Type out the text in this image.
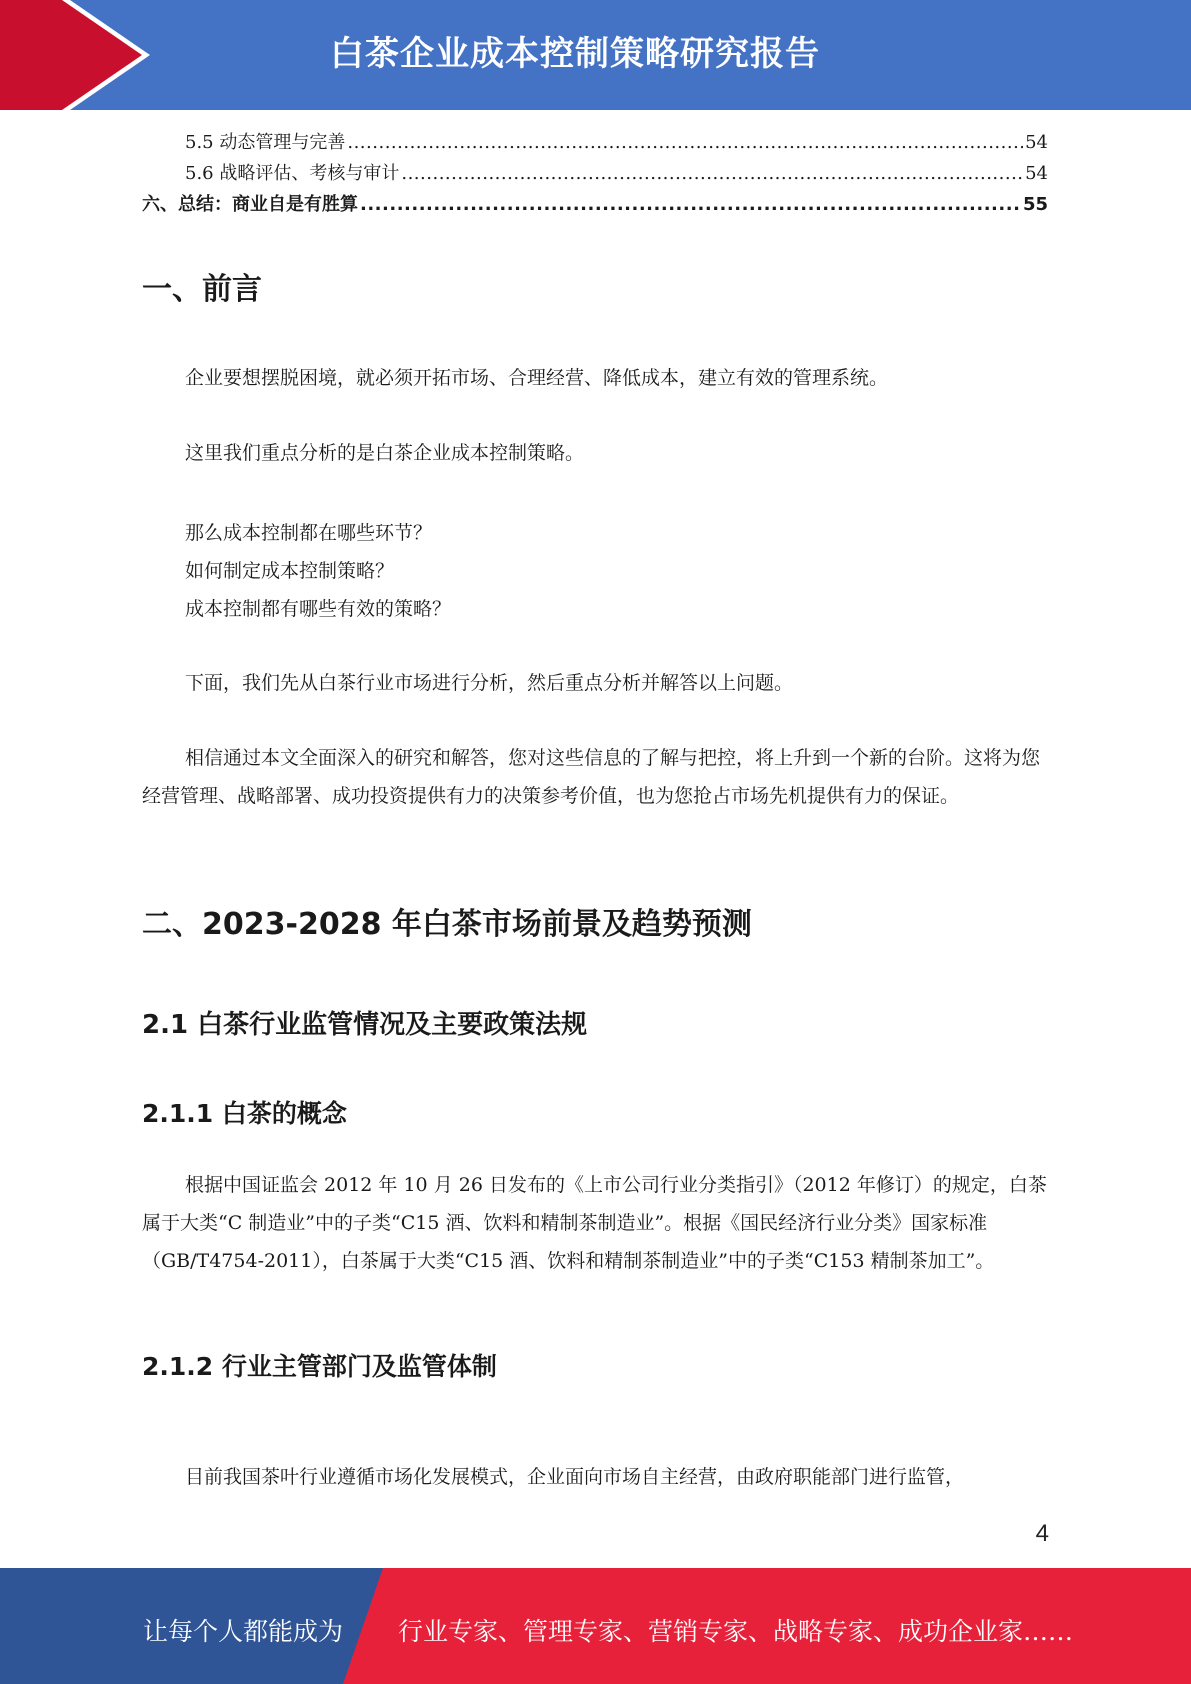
白茶企业成本控制策略研究报告
5.5 动态管理与完善 .....	54
5.6 战略评估、考核与审计 .....	54
六、总结：商业自是有胜算 .....	55
一、前言

企业要想摆脱困境，就必须开拓市场、合理经营、降低成本，建立有效的管理系统。

这里我们重点分析的是白茶企业成本控制策略。

那么成本控制都在哪些环节？

如何制定成本控制策略？

成本控制都有哪些有效的策略？

下面，我们先从白茶行业市场进行分析，然后重点分析并解答以上问题。

相信通过本文全面深入的研究和解答，您对这些信息的了解与把控，将上升到一个新的台阶。这将为您经营管理、战略部署、成功投资提供有力的决策参考价值，也为您抢占市场先机提供有力的保证。

二、2023-2028 年白茶市场前景及趋势预测
2.1 白茶行业监管情况及主要政策法规
2.1.1 白茶的概念

根据中国证监会 2012 年 10 月 26 日发布的《上市公司行业分类指引》（2012 年修订）的规定，白茶属于大类“C 制造业”中的子类“C15 酒、饮料和精制茶制造业”。根据《国民经济行业分类》国家标准（GB/T4754-2011），白茶属于大类“C15 酒、饮料和精制茶制造业”中的子类“C153 精制茶加工”。

2.1.2 行业主管部门及监管体制

目前我国茶叶行业遵循市场化发展模式，企业面向市场自主经营，由政府职能部门进行监管，

4
让每个人都能成为 行业专家、管理专家、营销专家、战略专家、成功企业家……
